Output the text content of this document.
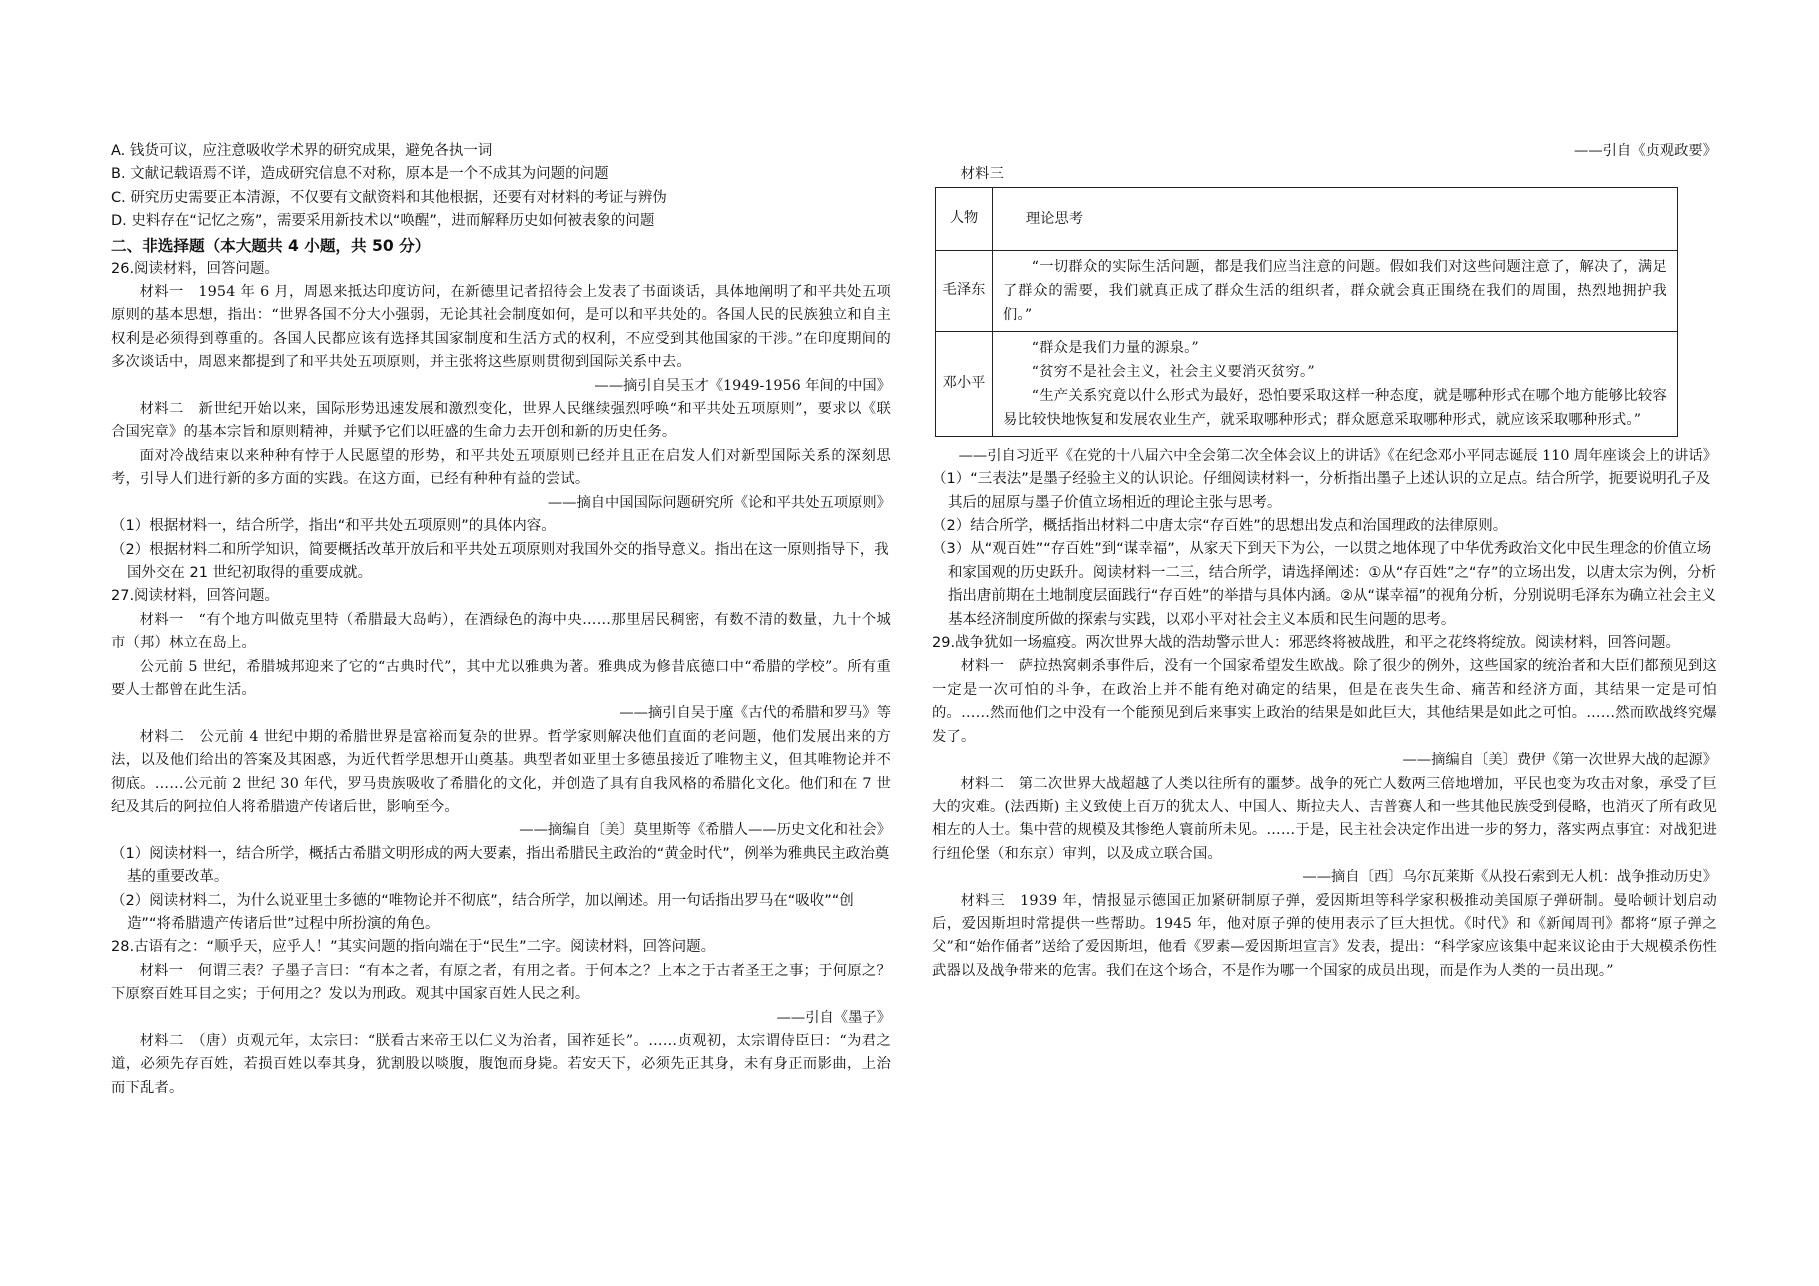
A. 钱货可议，应注意吸收学术界的研究成果，避免各执一词

B. 文献记载语焉不详，造成研究信息不对称，原本是一个不成其为问题的问题

C. 研究历史需要正本清源，不仅要有文献资料和其他根据，还要有对材料的考证与辨伪

D. 史料存在“记忆之殇”，需要采用新技术以“唤醒”，进而解释历史如何被表象的问题

二、非选择题（本大题共 4 小题，共 50 分）

26.阅读材料，回答问题。

材料一　1954 年 6 月，周恩来抵达印度访问，在新德里记者招待会上发表了书面谈话，具体地阐明了和平共处五项原则的基本思想，指出：“世界各国不分大小强弱，无论其社会制度如何，是可以和平共处的。各国人民的民族独立和自主权利是必须得到尊重的。各国人民都应该有选择其国家制度和生活方式的权利，不应受到其他国家的干涉。”在印度期间的多次谈话中，周恩来都提到了和平共处五项原则，并主张将这些原则贯彻到国际关系中去。

——摘引自吴玉才《1949-1956 年间的中国》

材料二　新世纪开始以来，国际形势迅速发展和激烈变化，世界人民继续强烈呼唤“和平共处五项原则”，要求以《联合国宪章》的基本宗旨和原则精神，并赋予它们以旺盛的生命力去开创和新的历史任务。

面对冷战结束以来种种有悖于人民愿望的形势，和平共处五项原则已经并且正在启发人们对新型国际关系的深刻思考，引导人们进行新的多方面的实践。在这方面，已经有种种有益的尝试。

——摘自中国国际问题研究所《论和平共处五项原则》

（1）根据材料一，结合所学，指出“和平共处五项原则”的具体内容。

（2）根据材料二和所学知识，简要概括改革开放后和平共处五项原则对我国外交的指导意义。指出在这一原则指导下，我国外交在 21 世纪初取得的重要成就。

27.阅读材料，回答问题。

材料一　“有个地方叫做克里特（希腊最大岛屿），在酒绿色的海中央……那里居民稠密，有数不清的数量，九十个城市（邦）林立在岛上。

公元前 5 世纪，希腊城邦迎来了它的“古典时代”，其中尤以雅典为著。雅典成为修昔底德口中“希腊的学校”。所有重要人士都曾在此生活。

——摘引自吴于廑《古代的希腊和罗马》等

材料二　公元前 4 世纪中期的希腊世界是富裕而复杂的世界。哲学家则解决他们直面的老问题，他们发展出来的方法，以及他们给出的答案及其困惑，为近代哲学思想开山奠基。典型者如亚里士多德虽接近了唯物主义，但其唯物论并不彻底。……公元前 2 世纪 30 年代，罗马贵族吸收了希腊化的文化，并创造了具有自我风格的希腊化文化。他们和在 7 世纪及其后的阿拉伯人将希腊遗产传诸后世，影响至今。

——摘编自〔美〕莫里斯等《希腊人——历史文化和社会》

（1）阅读材料一，结合所学，概括古希腊文明形成的两大要素，指出希腊民主政治的“黄金时代”，例举为雅典民主政治奠基的重要改革。

（2）阅读材料二，为什么说亚里士多德的“唯物论并不彻底”，结合所学，加以阐述。用一句话指出罗马在“吸收”“创造”“将希腊遗产传诸后世”过程中所扮演的角色。

28.古语有之：“顺乎天，应乎人！”其实问题的指向端在于“民生”二字。阅读材料，回答问题。

材料一　何谓三表？子墨子言曰：“有本之者，有原之者，有用之者。于何本之？上本之于古者圣王之事；于何原之？下原察百姓耳目之实；于何用之？发以为刑政。观其中国家百姓人民之利。

——引自《墨子》

材料二　（唐）贞观元年，太宗曰：“朕看古来帝王以仁义为治者，国祚延长”。……贞观初，太宗谓侍臣曰：“为君之道，必须先存百姓，若损百姓以奉其身，犹割股以啖腹，腹饱而身毙。若安天下，必须先正其身，未有身正而影曲，上治而下乱者。

——引自《贞观政要》

材料三

人物	理论思考
毛泽东	“一切群众的实际生活问题，都是我们应当注意的问题。假如我们对这些问题注意了，解决了，满足了群众的需要，我们就真正成了群众生活的组织者，群众就会真正围绕在我们的周围，热烈地拥护我们。”
邓小平	“群众是我们力量的源泉。”

“贫穷不是社会主义，社会主义要消灭贫穷。”

“生产关系究竟以什么形式为最好，恐怕要采取这样一种态度，就是哪种形式在哪个地方能够比较容易比较快地恢复和发展农业生产，就采取哪种形式；群众愿意采取哪种形式，就应该采取哪种形式。”

——引自习近平《在党的十八届六中全会第二次全体会议上的讲话》《在纪念邓小平同志诞辰 110 周年座谈会上的讲话》

（1）“三表法”是墨子经验主义的认识论。仔细阅读材料一，分析指出墨子上述认识的立足点。结合所学，扼要说明孔子及其后的屈原与墨子价值立场相近的理论主张与思考。

（2）结合所学，概括指出材料二中唐太宗“存百姓”的思想出发点和治国理政的法律原则。

（3）从“观百姓”“存百姓”到“谋幸福”，从家天下到天下为公，一以贯之地体现了中华优秀政治文化中民生理念的价值立场和家国观的历史跃升。阅读材料一二三，结合所学，请选择阐述：①从“存百姓”之“存”的立场出发，以唐太宗为例，分析指出唐前期在土地制度层面践行“存百姓”的举措与具体内涵。②从“谋幸福”的视角分析，分别说明毛泽东为确立社会主义基本经济制度所做的探索与实践，以邓小平对社会主义本质和民生问题的思考。

29.战争犹如一场瘟疫。两次世界大战的浩劫警示世人：邪恶终将被战胜，和平之花终将绽放。阅读材料，回答问题。

材料一　萨拉热窝刺杀事件后，没有一个国家希望发生欧战。除了很少的例外，这些国家的统治者和大臣们都预见到这一定是一次可怕的斗争，在政治上并不能有绝对确定的结果，但是在丧失生命、痛苦和经济方面，其结果一定是可怕的。……然而他们之中没有一个能预见到后来事实上政治的结果是如此巨大，其他结果是如此之可怕。……然而欧战终究爆发了。

——摘编自〔美〕费伊《第一次世界大战的起源》

材料二　第二次世界大战超越了人类以往所有的噩梦。战争的死亡人数两三倍地增加，平民也变为攻击对象，承受了巨大的灾难。(法西斯) 主义致使上百万的犹太人、中国人、斯拉夫人、吉普赛人和一些其他民族受到侵略，也消灭了所有政见相左的人士。集中营的规模及其惨绝人寰前所未见。……于是，民主社会决定作出进一步的努力，落实两点事宜：对战犯进行纽伦堡（和东京）审判，以及成立联合国。

——摘自〔西〕乌尔瓦莱斯《从投石索到无人机：战争推动历史》

材料三　1939 年，情报显示德国正加紧研制原子弹，爱因斯坦等科学家积极推动美国原子弹研制。曼哈顿计划启动后，爱因斯坦时常提供一些帮助。1945 年，他对原子弹的使用表示了巨大担忧。《时代》和《新闻周刊》都将“原子弹之父”和“始作俑者”送给了爱因斯坦，他看《罗素—爱因斯坦宣言》发表，提出：“科学家应该集中起来议论由于大规模杀伤性武器以及战争带来的危害。我们在这个场合，不是作为哪一个国家的成员出现，而是作为人类的一员出现。”
